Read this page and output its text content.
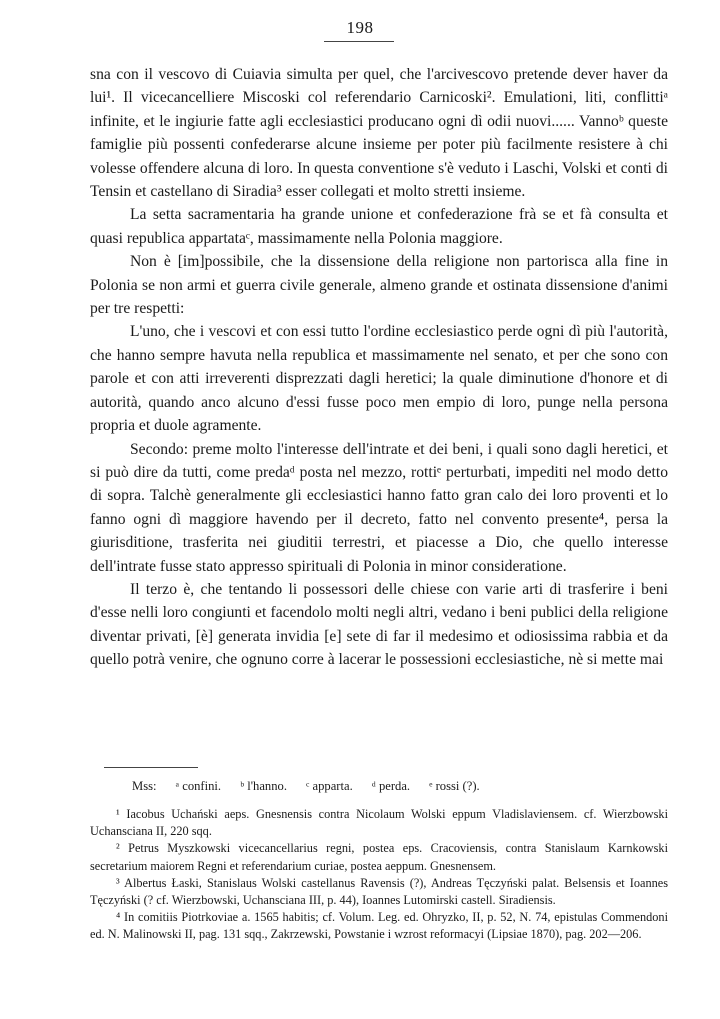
198

sna con il vescovo di Cuiavia simulta per quel, che l'arcivescovo pretende dever haver da lui¹. Il vicecancelliere Miscoski col referendario Carnicoski². Emulationi, liti, conflittiᵃ infinite, et le ingiurie fatte agli ecclesiastici producano ogni dì odii nuovi...... Vannoᵇ queste famiglie più possenti confederarse alcune insieme per poter più facilmente resistere à chi volesse offendere alcuna di loro. In questa conventione s'è veduto i Laschi, Volski et conti di Tensin et castellano di Siradia³ esser collegati et molto stretti insieme.

La setta sacramentaria ha grande unione et confederazione frà se et fà consulta et quasi republica appartataᶜ, massimamente nella Polonia maggiore.

Non è [im]possibile, che la dissensione della religione non partorisca alla fine in Polonia se non armi et guerra civile generale, almeno grande et ostinata dissensione d'animi per tre respetti:

L'uno, che i vescovi et con essi tutto l'ordine ecclesiastico perde ogni dì più l'autorità, che hanno sempre havuta nella republica et massimamente nel senato, et per che sono con parole et con atti irreverenti disprezzati dagli heretici; la quale diminutione d'honore et di autorità, quando anco alcuno d'essi fusse poco men empio di loro, punge nella persona propria et duole agramente.

Secondo: preme molto l'interesse dell'intrate et dei beni, i quali sono dagli heretici, et si può dire da tutti, come predaᵈ posta nel mezzo, rottiᵉ perturbati, impediti nel modo detto di sopra. Talchè generalmente gli ecclesiastici hanno fatto gran calo dei loro proventi et lo fanno ogni dì maggiore havendo per il decreto, fatto nel convento presente⁴, persa la giurisditione, trasferita nei giuditii terrestri, et piacesse a Dio, che quello interesse dell'intrate fusse stato appresso spirituali di Polonia in minor consideratione.

Il terzo è, che tentando li possessori delle chiese con varie arti di trasferire i beni d'esse nelli loro congiunti et facendolo molti negli altri, vedano i beni publici della religione diventar privati, [è] generata invidia [e] sete di far il medesimo et odiosissima rabbia et da quello potrà venire, che ognuno corre à lacerar le possessioni ecclesiastiche, nè si mette mai

Mss: ᵃ confini. ᵇ l'hanno. ᶜ apparta. ᵈ perda. ᵉ rossi (?).

¹ Iacobus Uchański aeps. Gnesnensis contra Nicolaum Wolski eppum Vladislaviensem. cf. Wierzbowski Uchansciana II, 220 sqq.

² Petrus Myszkowski vicecancellarius regni, postea eps. Cracoviensis, contra Stanislaum Karnkowski secretarium maiorem Regni et referendarium curiae, postea aeppum. Gnesnensem.

³ Albertus Łaski, Stanislaus Wolski castellanus Ravensis (?), Andreas Tęczyński palat. Belsensis et Ioannes Tęczyński (? cf. Wierzbowski, Uchansciana III, p. 44), Ioannes Lutomirski castell. Siradiensis.

⁴ In comitiis Piotrkoviae a. 1565 habitis; cf. Volum. Leg. ed. Ohryzko, II, p. 52, N. 74, epistulas Commendoni ed. N. Malinowski II, pag. 131 sqq., Zakrzewski, Powstanie i wzrost reformacyi (Lipsiae 1870), pag. 202—206.
